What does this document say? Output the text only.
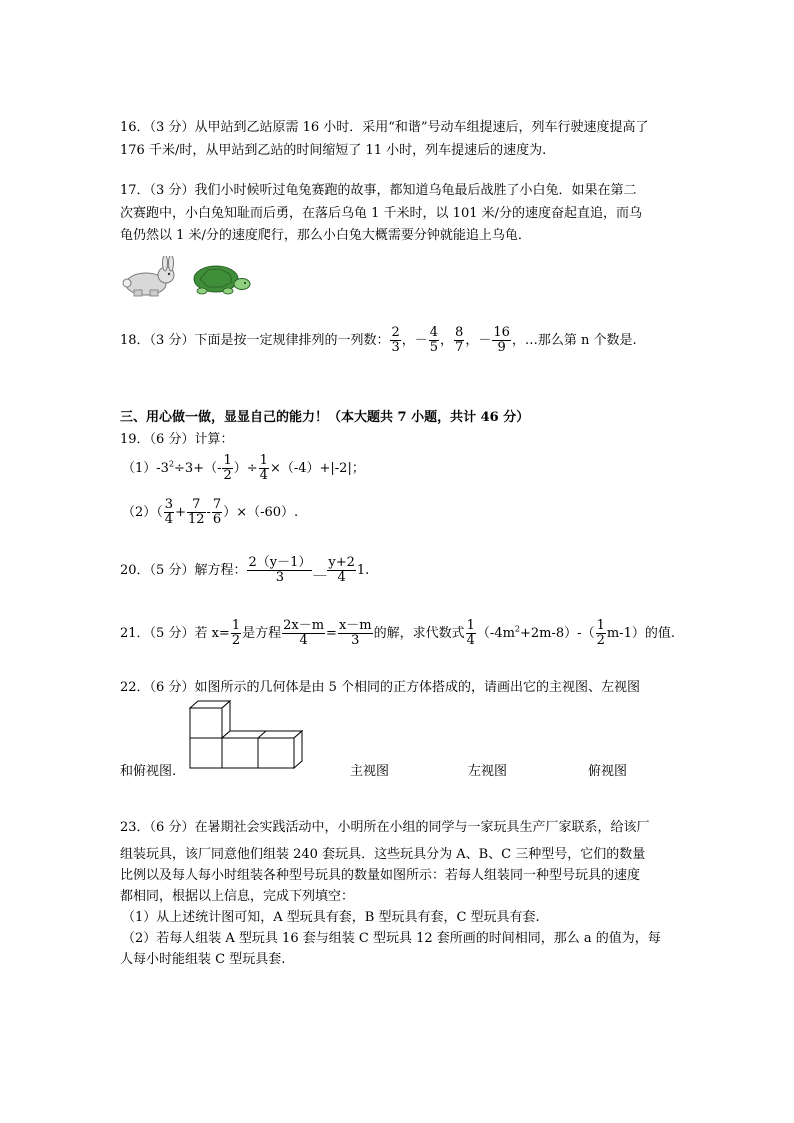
16．（3 分）从甲站到乙站原需 16 小时．采用“和谐”号动车组提速后，列车行驶速度提高了
176 千米/时，从甲站到乙站的时间缩短了 11 小时，列车提速后的速度为.
17．（3 分）我们小时候听过龟兔赛跑的故事，都知道乌龟最后战胜了小白兔．如果在第二
次赛跑中，小白兔知耻而后勇，在落后乌龟 1 千米时，以 101 米/分的速度奋起直追，而乌
龟仍然以 1 米/分的速度爬行，那么小白兔大概需要分钟就能追上乌龟．
18．（3 分）下面是按一定规律排列的一列数： $\frac{2}{3}$ ，－ $\frac{4}{5}$ ， $\frac{8}{7}$ ，－ $\frac{16}{9}$ ，…那么第 n 个数是.
三、用心做一做，显显自己的能力！（本大题共 7 小题，共计 46 分）
19．（6 分）计算：
$(1)-3^2\div 3+(- \frac{1}{2}$ ）÷ $\frac{1}{4} \times(-4)+|-2|$；
$(2)( \frac{3}{4} + \frac{7}{12} - \frac{7}{6} )\times(-60)$.
20．（5 分）解方程： $\frac{2(y-1)}{3}$ ＿ $\frac{y+2}{4} 1$.
21．（5 分）若 $x= \frac{1}{2}$ 是方程 $\frac{2x-m}{4} = \frac{x-m}{3}$ 的解，求代数式 $\frac{1}{4} (-4m^2+2m-8)-( \frac{1}{2} m-1)$的值.
22．（6 分）如图所示的几何体是由 5 个相同的正方体搭成的，请画出它的主视图、左视图
和俯视图.	主视图	左视图	俯视图
23．（6 分）在暑期社会实践活动中，小明所在小组的同学与一家玩具生产厂家联系，给该厂
组装玩具，该厂同意他们组装 240 套玩具．这些玩具分为 A、B、C 三种型号，它们的数量
比例以及每人每小时组装各种型号玩具的数量如图所示：若每人组装同一种型号玩具的速度
都相同，根据以上信息，完成下列填空：
（1）从上述统计图可知，A 型玩具有套，B 型玩具有套，C 型玩具有套.
（2）若每人组装 A 型玩具 16 套与组装 C 型玩具 12 套所画的时间相同，那么 a 的值为，每
人每小时能组装 C 型玩具套.
